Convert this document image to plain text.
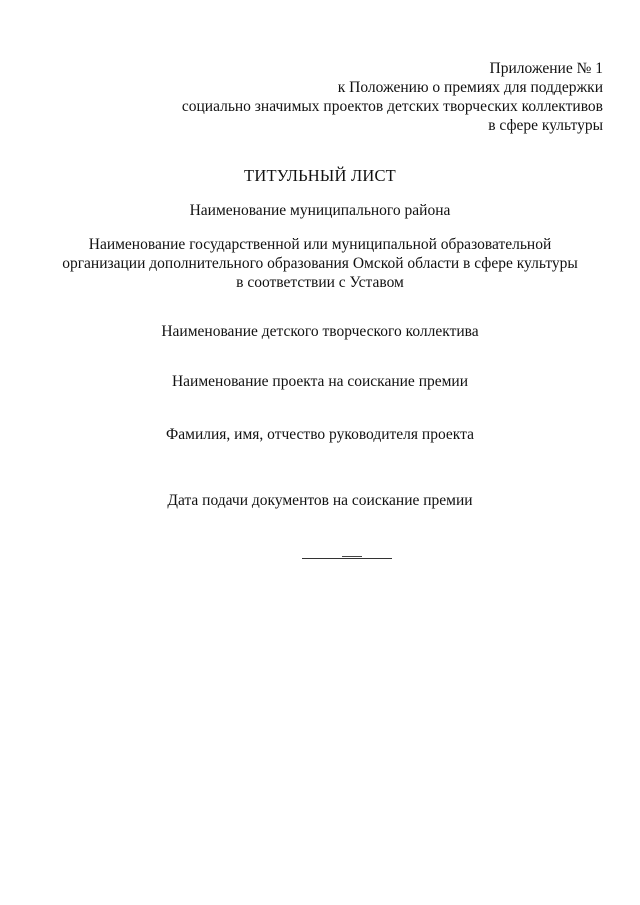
Приложение № 1
к Положению о премиях для поддержки
социально значимых проектов детских творческих коллективов
в сфере культуры
ТИТУЛЬНЫЙ ЛИСТ
Наименование муниципального района
Наименование государственной или муниципальной образовательной
организации дополнительного образования Омской области в сфере культуры
в соответствии с Уставом
Наименование детского творческого коллектива
Наименование проекта на соискание премии
Фамилия, имя, отчество руководителя проекта
Дата подачи документов на соискание премии
